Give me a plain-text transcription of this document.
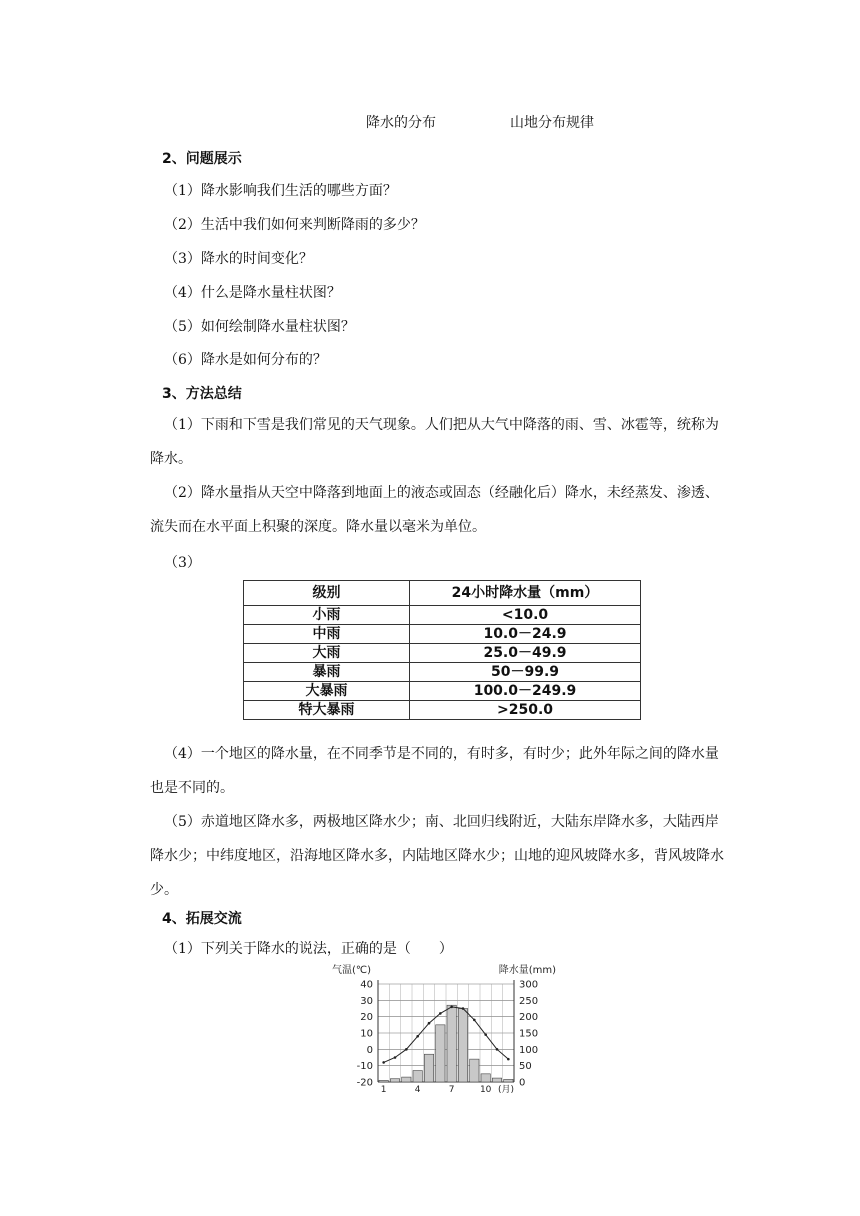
降水的分布	山地分布规律
2、问题展示
（1）降水影响我们生活的哪些方面？
（2）生活中我们如何来判断降雨的多少？
（3）降水的时间变化？
（4）什么是降水量柱状图？
（5）如何绘制降水量柱状图？
（6）降水是如何分布的？
3、方法总结
（1）下雨和下雪是我们常见的天气现象。人们把从大气中降落的雨、雪、冰雹等，统称为降水。
（2）降水量指从天空中降落到地面上的液态或固态（经融化后）降水，未经蒸发、渗透、流失而在水平面上积聚的深度。降水量以毫米为单位。
（3）
级别	24小时降水量（mm）
小雨	<10.0
中雨	10.0－24.9
大雨	25.0－49.9
暴雨	50－99.9
大暴雨	100.0－249.9
特大暴雨	>250.0
（4）一个地区的降水量，在不同季节是不同的，有时多，有时少；此外年际之间的降水量也是不同的。
（5）赤道地区降水多，两极地区降水少；南、北回归线附近，大陆东岸降水多，大陆西岸降水少；中纬度地区，沿海地区降水多，内陆地区降水少；山地的迎风坡降水多，背风坡降水少。
4、拓展交流
（1）下列关于降水的说法，正确的是（　　）
40
30
20
10
0
-10
-20
300
250
200
150
100
50
0
1	4	7	10 (月)
气温(℃)	降水量(mm)
